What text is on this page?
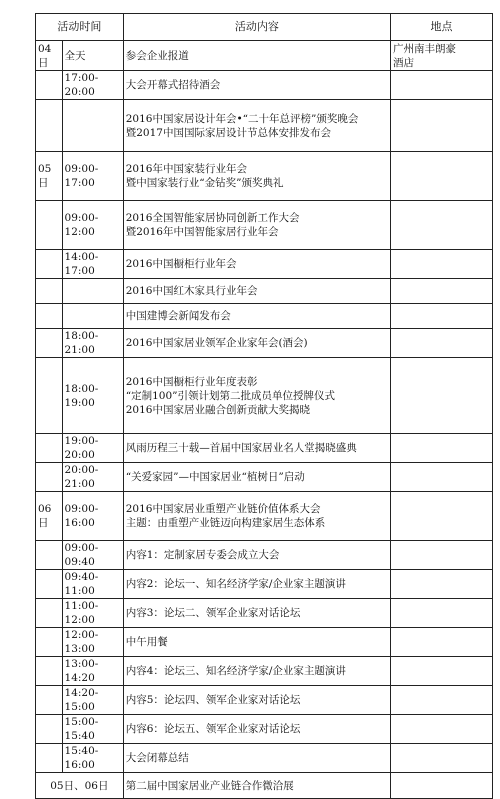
活动时间		活动内容	地点
04日	全天	参会企业报道	广州南丰朗豪
酒店
	17:00-20:00	大会开幕式招待酒会	
		2016中国家居设计年会•“二十年总评榜”颁奖晚会
暨2017中国国际家居设计节总体安排发布会	
05日	09:00-17:00	2016年中国家装行业年会
暨中国家装行业“金钻奖”颁奖典礼	
	09:00-12:00	2016全国智能家居协同创新工作大会
暨2016年中国智能家居行业年会	
	14:00-17:00	2016中国橱柜行业年会	
		2016中国红木家具行业年会	
		中国建博会新闻发布会	
	18:00-21:00	2016中国家居业领军企业家年会(酒会)	
	18:00-19:00	2016中国橱柜行业年度表彰
“定制100”引领计划第二批成员单位授牌仪式
2016中国家居业融合创新贡献大奖揭晓	
	19:00-20:00	风雨历程三十载—首届中国家居业名人堂揭晓盛典	
	20:00-21:00	“关爱家园”—中国家居业“植树日”启动	
06日	09:00-16:00	2016中国家居业重塑产业链价值体系大会
主题：由重塑产业链迈向构建家居生态体系	
	09:00-09:40	内容1：定制家居专委会成立大会	
	09:40-11:00	内容2：论坛一、知名经济学家/企业家主题演讲	
	11:00-12:00	内容3：论坛二、领军企业家对话论坛	
	12:00-13:00	中午用餐	
	13:00-14:20	内容4：论坛三、知名经济学家/企业家主题演讲	
	14:20-15:00	内容5：论坛四、领军企业家对话论坛	
	15:00-15:40	内容6：论坛五、领军企业家对话论坛	
	15:40-16:00	大会闭幕总结	
05日、06日		第二届中国家居业产业链合作微洽展	
